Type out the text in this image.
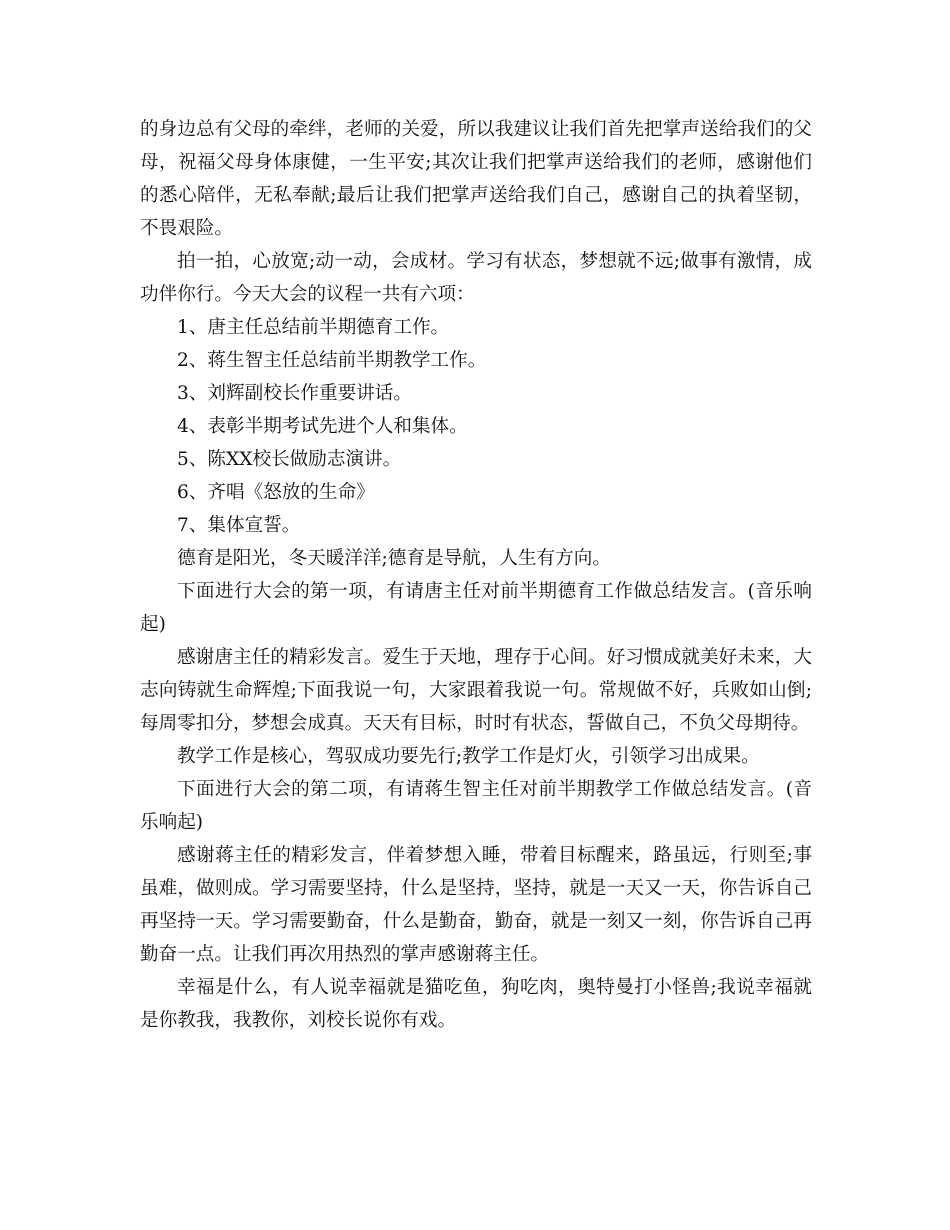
的身边总有父母的牵绊，老师的关爱，所以我建议让我们首先把掌声送给我们的父母，祝福父母身体康健，一生平安;其次让我们把掌声送给我们的老师，感谢他们的悉心陪伴，无私奉献;最后让我们把掌声送给我们自己，感谢自己的执着坚韧，不畏艰险。

拍一拍，心放宽;动一动，会成材。学习有状态，梦想就不远;做事有激情，成功伴你行。今天大会的议程一共有六项：

1、唐主任总结前半期德育工作。

2、蒋生智主任总结前半期教学工作。

3、刘辉副校长作重要讲话。

4、表彰半期考试先进个人和集体。

5、陈XX校长做励志演讲。

6、齐唱《怒放的生命》

7、集体宣誓。

德育是阳光，冬天暖洋洋;德育是导航，人生有方向。

下面进行大会的第一项，有请唐主任对前半期德育工作做总结发言。(音乐响起)

感谢唐主任的精彩发言。爱生于天地，理存于心间。好习惯成就美好未来，大志向铸就生命辉煌;下面我说一句，大家跟着我说一句。常规做不好，兵败如山倒;每周零扣分，梦想会成真。天天有目标，时时有状态，誓做自己，不负父母期待。

教学工作是核心，驾驭成功要先行;教学工作是灯火，引领学习出成果。

下面进行大会的第二项，有请蒋生智主任对前半期教学工作做总结发言。(音乐响起)

感谢蒋主任的精彩发言，伴着梦想入睡，带着目标醒来，路虽远，行则至;事虽难，做则成。学习需要坚持，什么是坚持，坚持，就是一天又一天，你告诉自己再坚持一天。学习需要勤奋，什么是勤奋，勤奋，就是一刻又一刻，你告诉自己再勤奋一点。让我们再次用热烈的掌声感谢蒋主任。

幸福是什么，有人说幸福就是猫吃鱼，狗吃肉，奥特曼打小怪兽;我说幸福就是你教我，我教你，刘校长说你有戏。
